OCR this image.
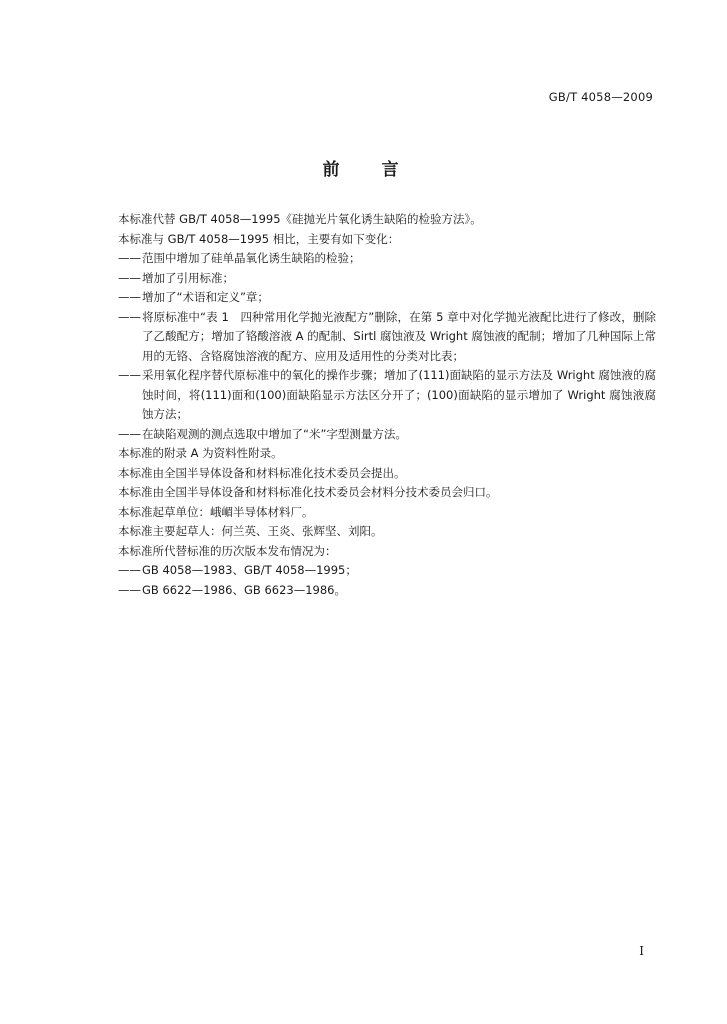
GB/T 4058—2009
前言
本标准代替 GB/T 4058—1995《硅抛光片氧化诱生缺陷的检验方法》。
本标准与 GB/T 4058—1995 相比，主要有如下变化：
—— 范围中增加了硅单晶氧化诱生缺陷的检验；
—— 增加了引用标准；
—— 增加了“术语和定义”章；
—— 将原标准中“表 1　四种常用化学抛光液配方”删除，在第 5 章中对化学抛光液配比进行了修改，删除了乙酸配方；增加了铬酸溶液 A 的配制、Sirtl 腐蚀液及 Wright 腐蚀液的配制；增加了几种国际上常用的无铬、含铬腐蚀溶液的配方、应用及适用性的分类对比表；
—— 采用氧化程序替代原标准中的氧化的操作步骤；增加了(111)面缺陷的显示方法及 Wright 腐蚀液的腐蚀时间，将(111)面和(100)面缺陷显示方法区分开了；(100)面缺陷的显示增加了 Wright 腐蚀液腐蚀方法；
—— 在缺陷观测的测点选取中增加了“米”字型测量方法。
本标准的附录 A 为资料性附录。
本标准由全国半导体设备和材料标准化技术委员会提出。
本标准由全国半导体设备和材料标准化技术委员会材料分技术委员会归口。
本标准起草单位：峨嵋半导体材料厂。
本标准主要起草人：何兰英、王炎、张辉坚、刘阳。
本标准所代替标准的历次版本发布情况为：
—— GB 4058—1983、GB/T 4058—1995；
—— GB 6622—1986、GB 6623—1986。
I
